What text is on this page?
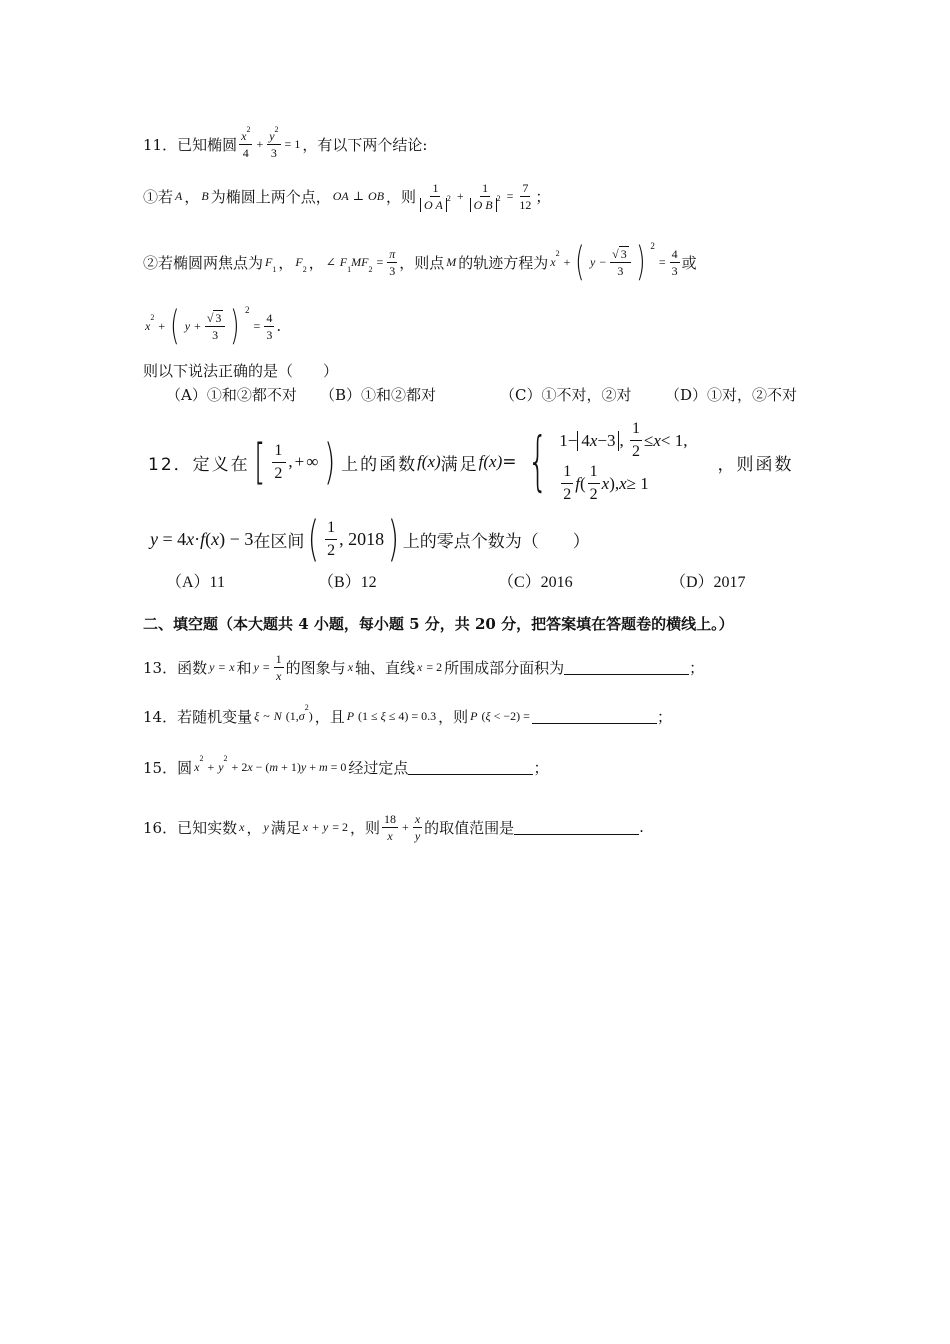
11． 已知椭圆 $\frac{x^2}{4} + \frac{y^2}{3} = 1$ ，有以下两个结论:
①若 A ， B 为椭圆上两个点， OA ⊥ OB ，则 $\frac{1}{O A ^2} + \frac{1}{O B ^2} = \frac{7}{12}$ ；
②若椭圆两焦点为 $F_1$ ， $F_2$ ， ∠ $F_1MF_2$
= $\frac{\pi}{3}$ ，则点 M 的轨迹方程为 $x^2$
+ ( $y - \frac{√ 3}{3}$ ) 2
= $\frac{4}{3}$ 或
$x^2$
+ ( $y + \frac{√ 3}{3}$ ) 2
= $\frac{4}{3}$ .
则以下说法正确的是（　　）
（A）①和②都不对 （B）①和②都对	（C）①不对，②对 （D）①对，②不对
12．定义在 [ $\frac{1}{2}$ ,+∞ ) 上的函数 f(x) 满足 f(x) = { 1− 4x−3 , $\frac{1}{2} \le x < 1$,
$\frac{1}{2}$ f ( $\frac{1}{2}$ x ), x ≥ 1
，则函数
y = 4x·f(x) − 3 在区间 ( $\frac{1}{2}$ , 2018 ) 上的零点个数为（　　）
（A）11	（B）12	（C）2016	（D）2017
二、填空题（本大题共 4 小题，每小题 5 分，共 20 分，把答案填在答题卷的横线上。）
13． 函数 y = x 和 $y = \frac{1}{x}$ 的图象与 x 轴、直线 x = 2 所围成部分面积为	；
14． 若随机变量 ξ ~ N $(1,\sigma^2)$ ，且 P (1 ≤ ξ ≤ 4) = 0.3 ，则 P (ξ < −2) =	；
15． 圆 $x^2$
+ $y^2$
+ 2x − (m + 1)y + m = 0 经过定点	；
16． 已知实数 x ， y 满足 x + y = 2 ，则 $\frac{18}{x} + \frac{x}{y}$ 的取值范围是	.
